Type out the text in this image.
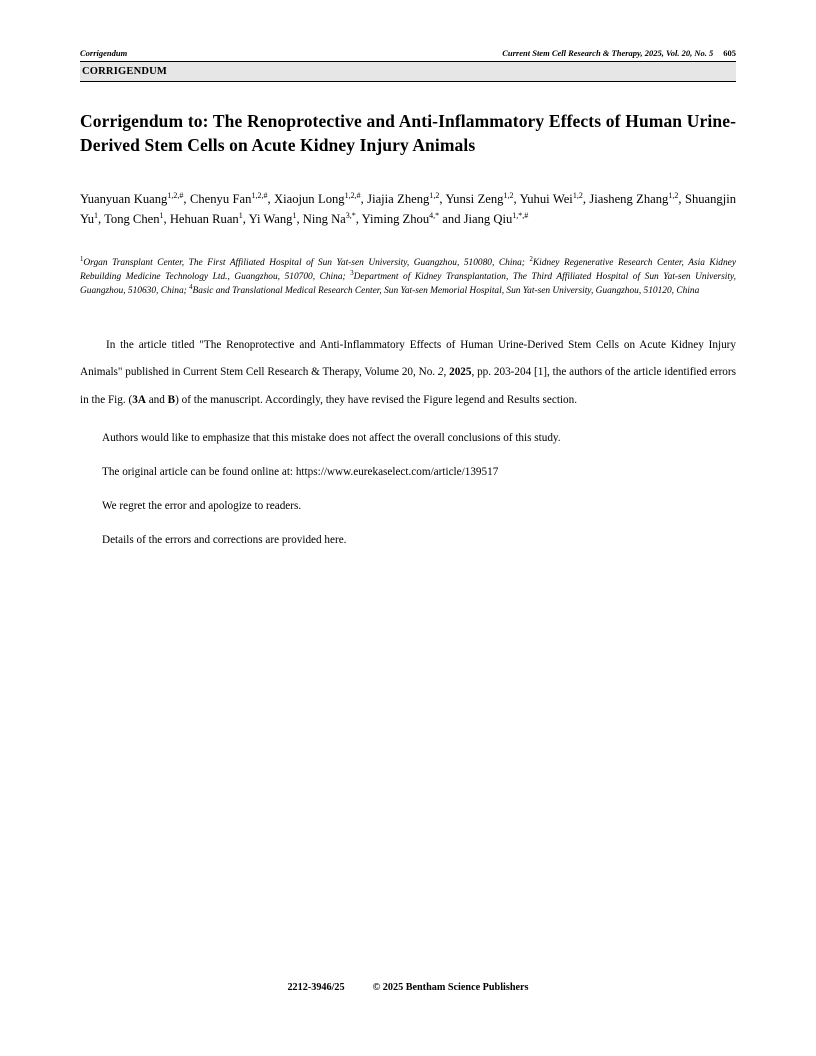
Corrigendum	Current Stem Cell Research & Therapy, 2025, Vol. 20, No. 5 605
CORRIGENDUM
Corrigendum to: The Renoprotective and Anti-Inflammatory Effects of Human Urine-Derived Stem Cells on Acute Kidney Injury Animals
Yuanyuan Kuang$^{1,2,\#}$, Chenyu Fan$^{1,2,\#}$, Xiaojun Long$^{1,2,\#}$, Jiajia Zheng$^{1,2}$, Yunsi Zeng$^{1,2}$, Yuhui Wei$^{1,2}$, Jiasheng Zhang$^{1,2}$, Shuangjin Yu$^1$, Tong Chen$^1$, Hehuan Ruan$^1$, Yi Wang$^1$, Ning $Na^{3,*}$, Yiming Zhou$^{4,*}$ and Jiang Qiu$^{1,*,\#}$
$^1$Organ Transplant Center, The First Affiliated Hospital of Sun Yat-sen University, Guangzhou, 510080, China; $^2$Kidney Regenerative Research Center, Asia Kidney Rebuilding Medicine Technology Ltd., Guangzhou, 510700, China; $^3$Department of Kidney Transplantation, The Third Affiliated Hospital of Sun Yat-sen University, Guangzhou, 510630, China; $^4$Basic and Translational Medical Research Center, Sun Yat-sen Memorial Hospital, Sun Yat-sen University, Guangzhou, 510120, China

In the article titled "The Renoprotective and Anti-Inflammatory Effects of Human Urine-Derived Stem Cells on Acute Kidney Injury Animals" published in Current Stem Cell Research & Therapy, Volume 20, No. 2, 2025, pp. 203-204 [1], the authors of the article identified errors in the Fig. (3A and B) of the manuscript. Accordingly, they have revised the Figure legend and Results section.

Authors would like to emphasize that this mistake does not affect the overall conclusions of this study.

The original article can be found online at: https://www.eurekaselect.com/article/139517

We regret the error and apologize to readers.

Details of the errors and corrections are provided here.

2212-3946/25	© 2025 Bentham Science Publishers
